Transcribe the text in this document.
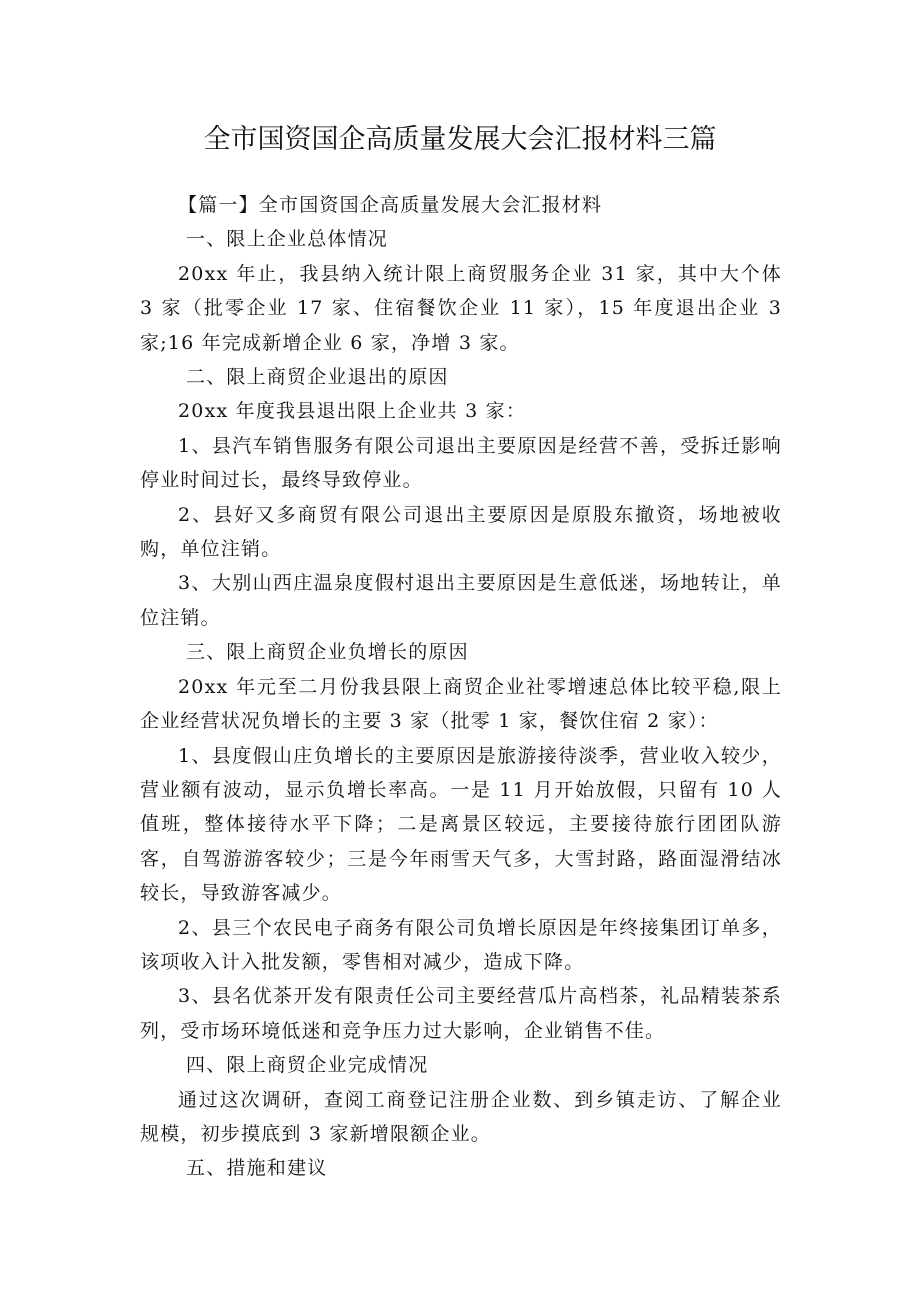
全市国资国企高质量发展大会汇报材料三篇

【篇一】全市国资国企高质量发展大会汇报材料

一、限上企业总体情况

20xx 年止，我县纳入统计限上商贸服务企业 31 家，其中大个体 3 家（批零企业 17 家、住宿餐饮企业 11 家），15 年度退出企业 3 家;16 年完成新增企业 6 家，净增 3 家。

二、限上商贸企业退出的原因

20xx 年度我县退出限上企业共 3 家：

1、县汽车销售服务有限公司退出主要原因是经营不善，受拆迁影响停业时间过长，最终导致停业。

2、县好又多商贸有限公司退出主要原因是原股东撤资，场地被收购，单位注销。

3、大别山西庄温泉度假村退出主要原因是生意低迷，场地转让，单位注销。

三、限上商贸企业负增长的原因

20xx 年元至二月份我县限上商贸企业社零增速总体比较平稳,限上企业经营状况负增长的主要 3 家（批零 1 家，餐饮住宿 2 家）：

1、县度假山庄负增长的主要原因是旅游接待淡季，营业收入较少，营业额有波动，显示负增长率高。一是 11 月开始放假，只留有 10 人值班，整体接待水平下降；二是离景区较远，主要接待旅行团团队游客，自驾游游客较少；三是今年雨雪天气多，大雪封路，路面湿滑结冰较长，导致游客减少。

2、县三个农民电子商务有限公司负增长原因是年终接集团订单多，该项收入计入批发额，零售相对减少，造成下降。

3、县名优茶开发有限责任公司主要经营瓜片高档茶，礼品精装茶系列，受市场环境低迷和竞争压力过大影响，企业销售不佳。

四、限上商贸企业完成情况

通过这次调研，查阅工商登记注册企业数、到乡镇走访、了解企业规模，初步摸底到 3 家新增限额企业。

五、措施和建议
